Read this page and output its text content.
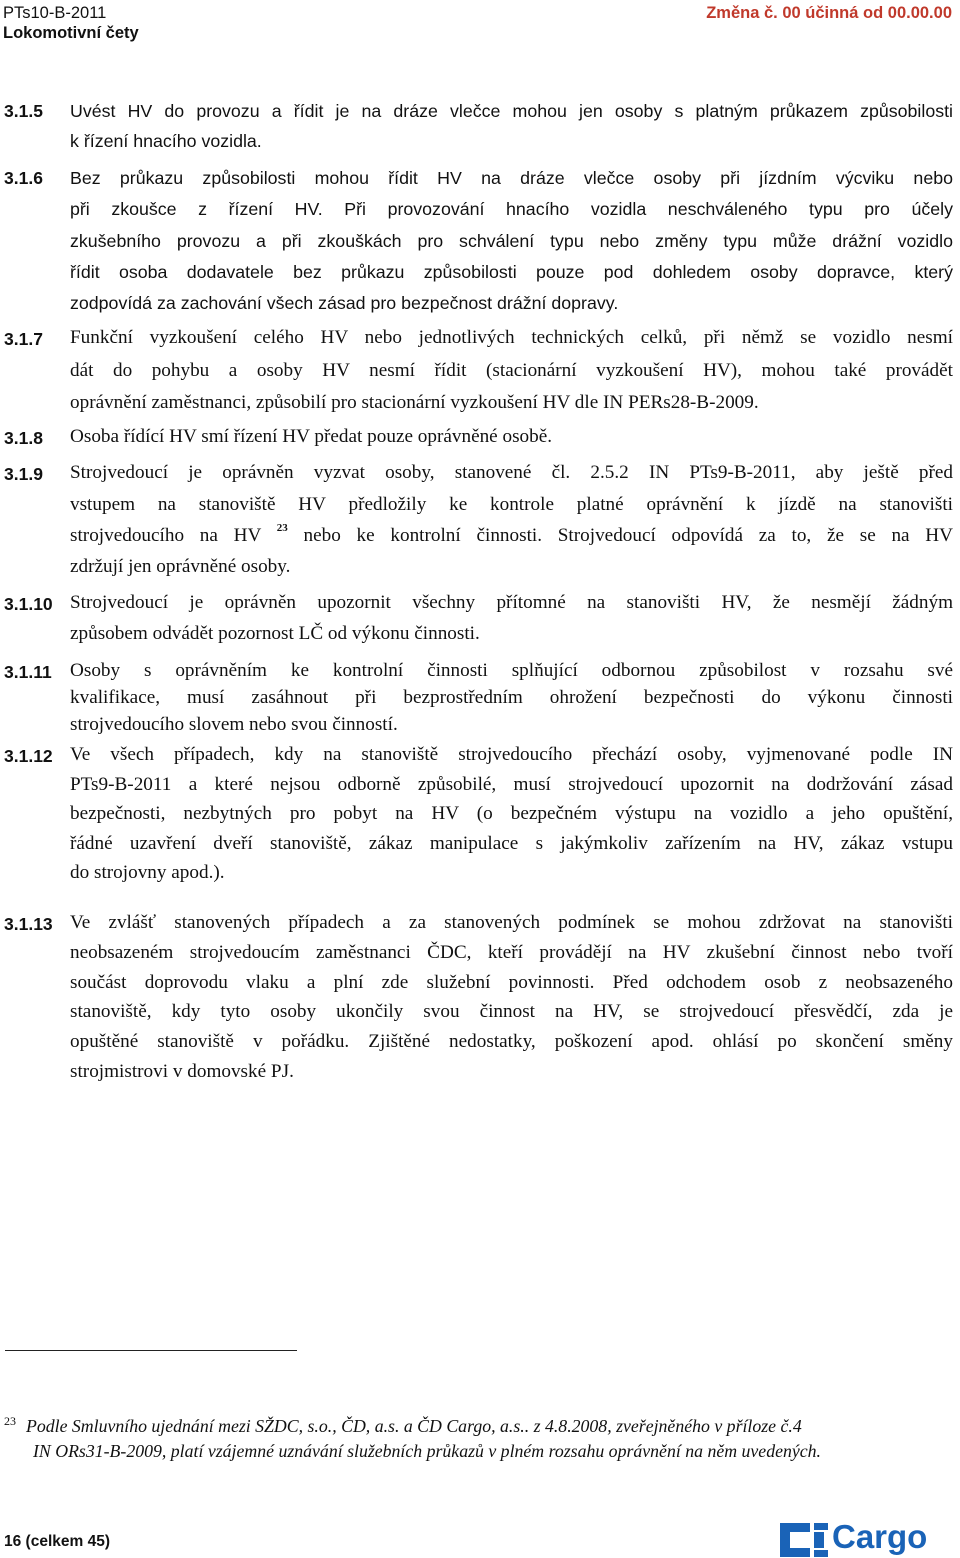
PTs10-B-2011
Lokomotivní čety
Změna č. 00 účinná od 00.00.00
3.1.5 Uvést HV do provozu a řídit je na dráze vlečce mohou jen osoby s platným průkazem způsobilosti
k řízení hnacího vozidla.
3.1.6 Bez průkazu způsobilosti mohou řídit HV na dráze vlečce osoby při jízdním výcviku nebo
při zkoušce z řízení HV. Při provozování hnacího vozidla neschváleného typu pro účely
zkušebního provozu a při zkouškách pro schválení typu nebo změny typu může drážní vozidlo
řídit osoba dodavatele bez průkazu způsobilosti pouze pod dohledem osoby dopravce, který
zodpovídá za zachování všech zásad pro bezpečnost drážní dopravy.
3.1.7 Funkční vyzkoušení celého HV nebo jednotlivých technických celků, při němž se vozidlo nesmí
dát do pohybu a osoby HV nesmí řídit (stacionární vyzkoušení HV), mohou také provádět
oprávnění zaměstnanci, způsobilí pro stacionární vyzkoušení HV dle IN PERs28-B-2009.
3.1.8 Osoba řídící HV smí řízení HV předat pouze oprávněné osobě.
3.1.9 Strojvedoucí je oprávněn vyzvat osoby, stanovené čl. 2.5.2 IN PTs9-B-2011, aby ještě před
vstupem na stanoviště HV předložily ke kontrole platné oprávnění k jízdě na stanovišti
strojvedoucího na HV $^{23}$ nebo ke kontrolní činnosti. Strojvedoucí odpovídá za to, že se na HV
zdržují jen oprávněné osoby.
3.1.10 Strojvedoucí je oprávněn upozornit všechny přítomné na stanovišti HV, že nesmějí žádným
způsobem odvádět pozornost LČ od výkonu činnosti.
3.1.11 Osoby s oprávněním ke kontrolní činnosti splňující odbornou způsobilost v rozsahu své
kvalifikace, musí zasáhnout při bezprostředním ohrožení bezpečnosti do výkonu činnosti
strojvedoucího slovem nebo svou činností.
3.1.12 Ve všech případech, kdy na stanoviště strojvedoucího přechází osoby, vyjmenované podle IN
PTs9-B-2011 a které nejsou odborně způsobilé, musí strojvedoucí upozornit na dodržování zásad
bezpečnosti, nezbytných pro pobyt na HV (o bezpečném výstupu na vozidlo a jeho opuštění,
řádné uzavření dveří stanoviště, zákaz manipulace s jakýmkoliv zařízením na HV, zákaz vstupu
do strojovny apod.).
3.1.13 Ve zvlášť stanovených případech a za stanovených podmínek se mohou zdržovat na stanovišti
neobsazeném strojvedoucím zaměstnanci ČDC, kteří provádějí na HV zkušební činnost nebo tvoří
součást doprovodu vlaku a plní zde služební povinnosti. Před odchodem osob z neobsazeného
stanoviště, kdy tyto osoby ukončily svou činnost na HV, se strojvedoucí přesvědčí, zda je
opuštěné stanoviště v pořádku. Zjištěné nedostatky, poškození apod. ohlásí po skončení směny
strojmistrovi v domovské PJ.
23 Podle Smluvního ujednání mezi SŽDC, s.o., ČD, a.s. a ČD Cargo, a.s.. z 4.8.2008, zveřejněného v příloze č.4
IN ORs31-B-2009, platí vzájemné uznávání služebních průkazů v plném rozsahu oprávnění na něm uvedených.
16 (celkem 45)	Cargo
